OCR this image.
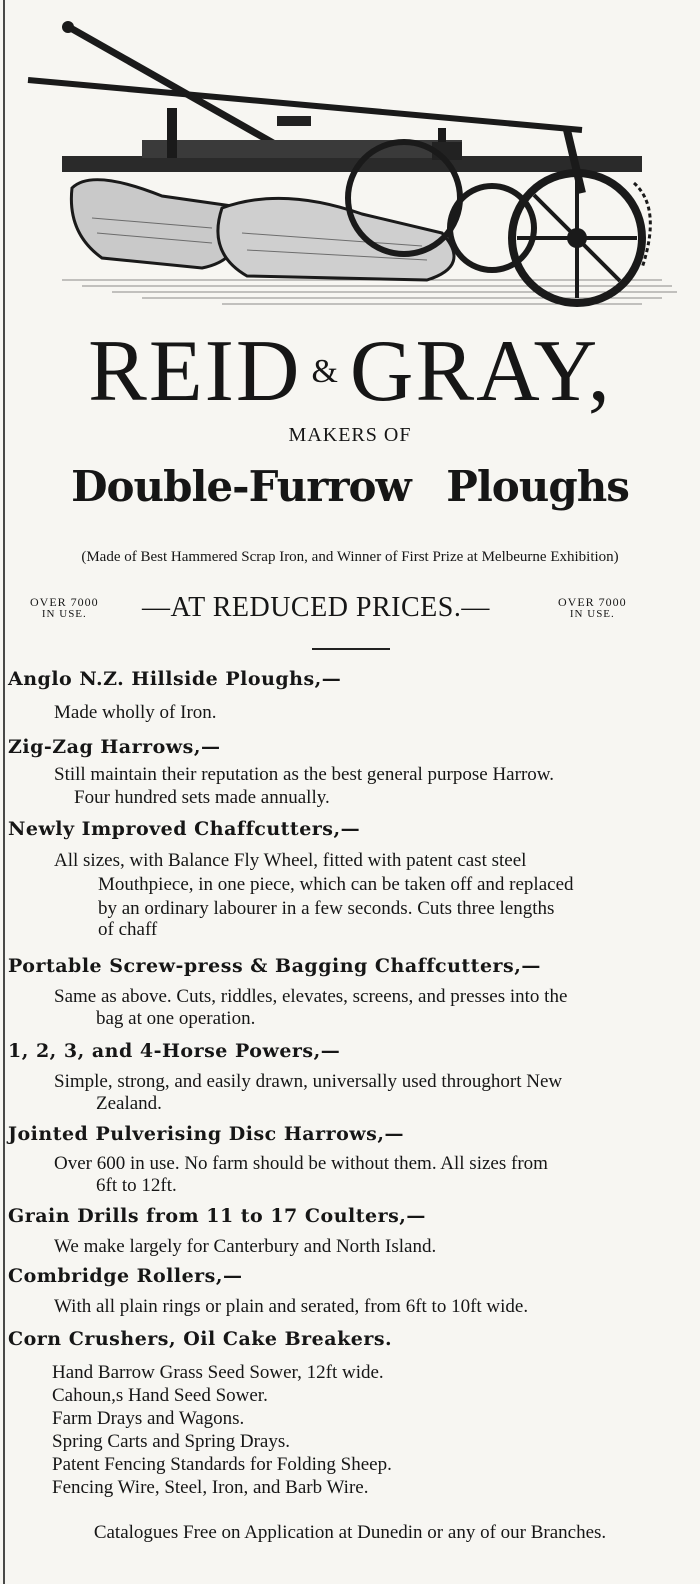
REID & GRAY,
MAKERS OF
Double-Furrow Ploughs
(Made of Best Hammered Scrap Iron, and Winner of First Prize at Melbeurne Exhibition)
OVER 7000
IN USE.	—AT REDUCED PRICES.—	OVER 7000
IN USE.
Anglo N.Z. Hillside Ploughs,—
Made wholly of Iron.
Zig-Zag Harrows,—
Still maintain their reputation as the best general purpose Harrow.
Four hundred sets made annually.
Newly Improved Chaffcutters,—
All sizes, with Balance Fly Wheel, fitted with patent cast steel
Mouthpiece, in one piece, which can be taken off and replaced
by an ordinary labourer in a few seconds. Cuts three lengths
of chaff
Portable Screw-press & Bagging Chaffcutters,—
Same as above. Cuts, riddles, elevates, screens, and presses into the
bag at one operation.
1, 2, 3, and 4-Horse Powers,—
Simple, strong, and easily drawn, universally used throughort New
Zealand.
Jointed Pulverising Disc Harrows,—
Over 600 in use. No farm should be without them. All sizes from
6ft to 12ft.
Grain Drills from 11 to 17 Coulters,—
We make largely for Canterbury and North Island.
Combridge Rollers,—
With all plain rings or plain and serated, from 6ft to 10ft wide.
Corn Crushers, Oil Cake Breakers.
Hand Barrow Grass Seed Sower, 12ft wide.
Cahoun,s Hand Seed Sower.
Farm Drays and Wagons.
Spring Carts and Spring Drays.
Patent Fencing Standards for Folding Sheep.
Fencing Wire, Steel, Iron, and Barb Wire.
Catalogues Free on Application at Dunedin or any of our Branches.
